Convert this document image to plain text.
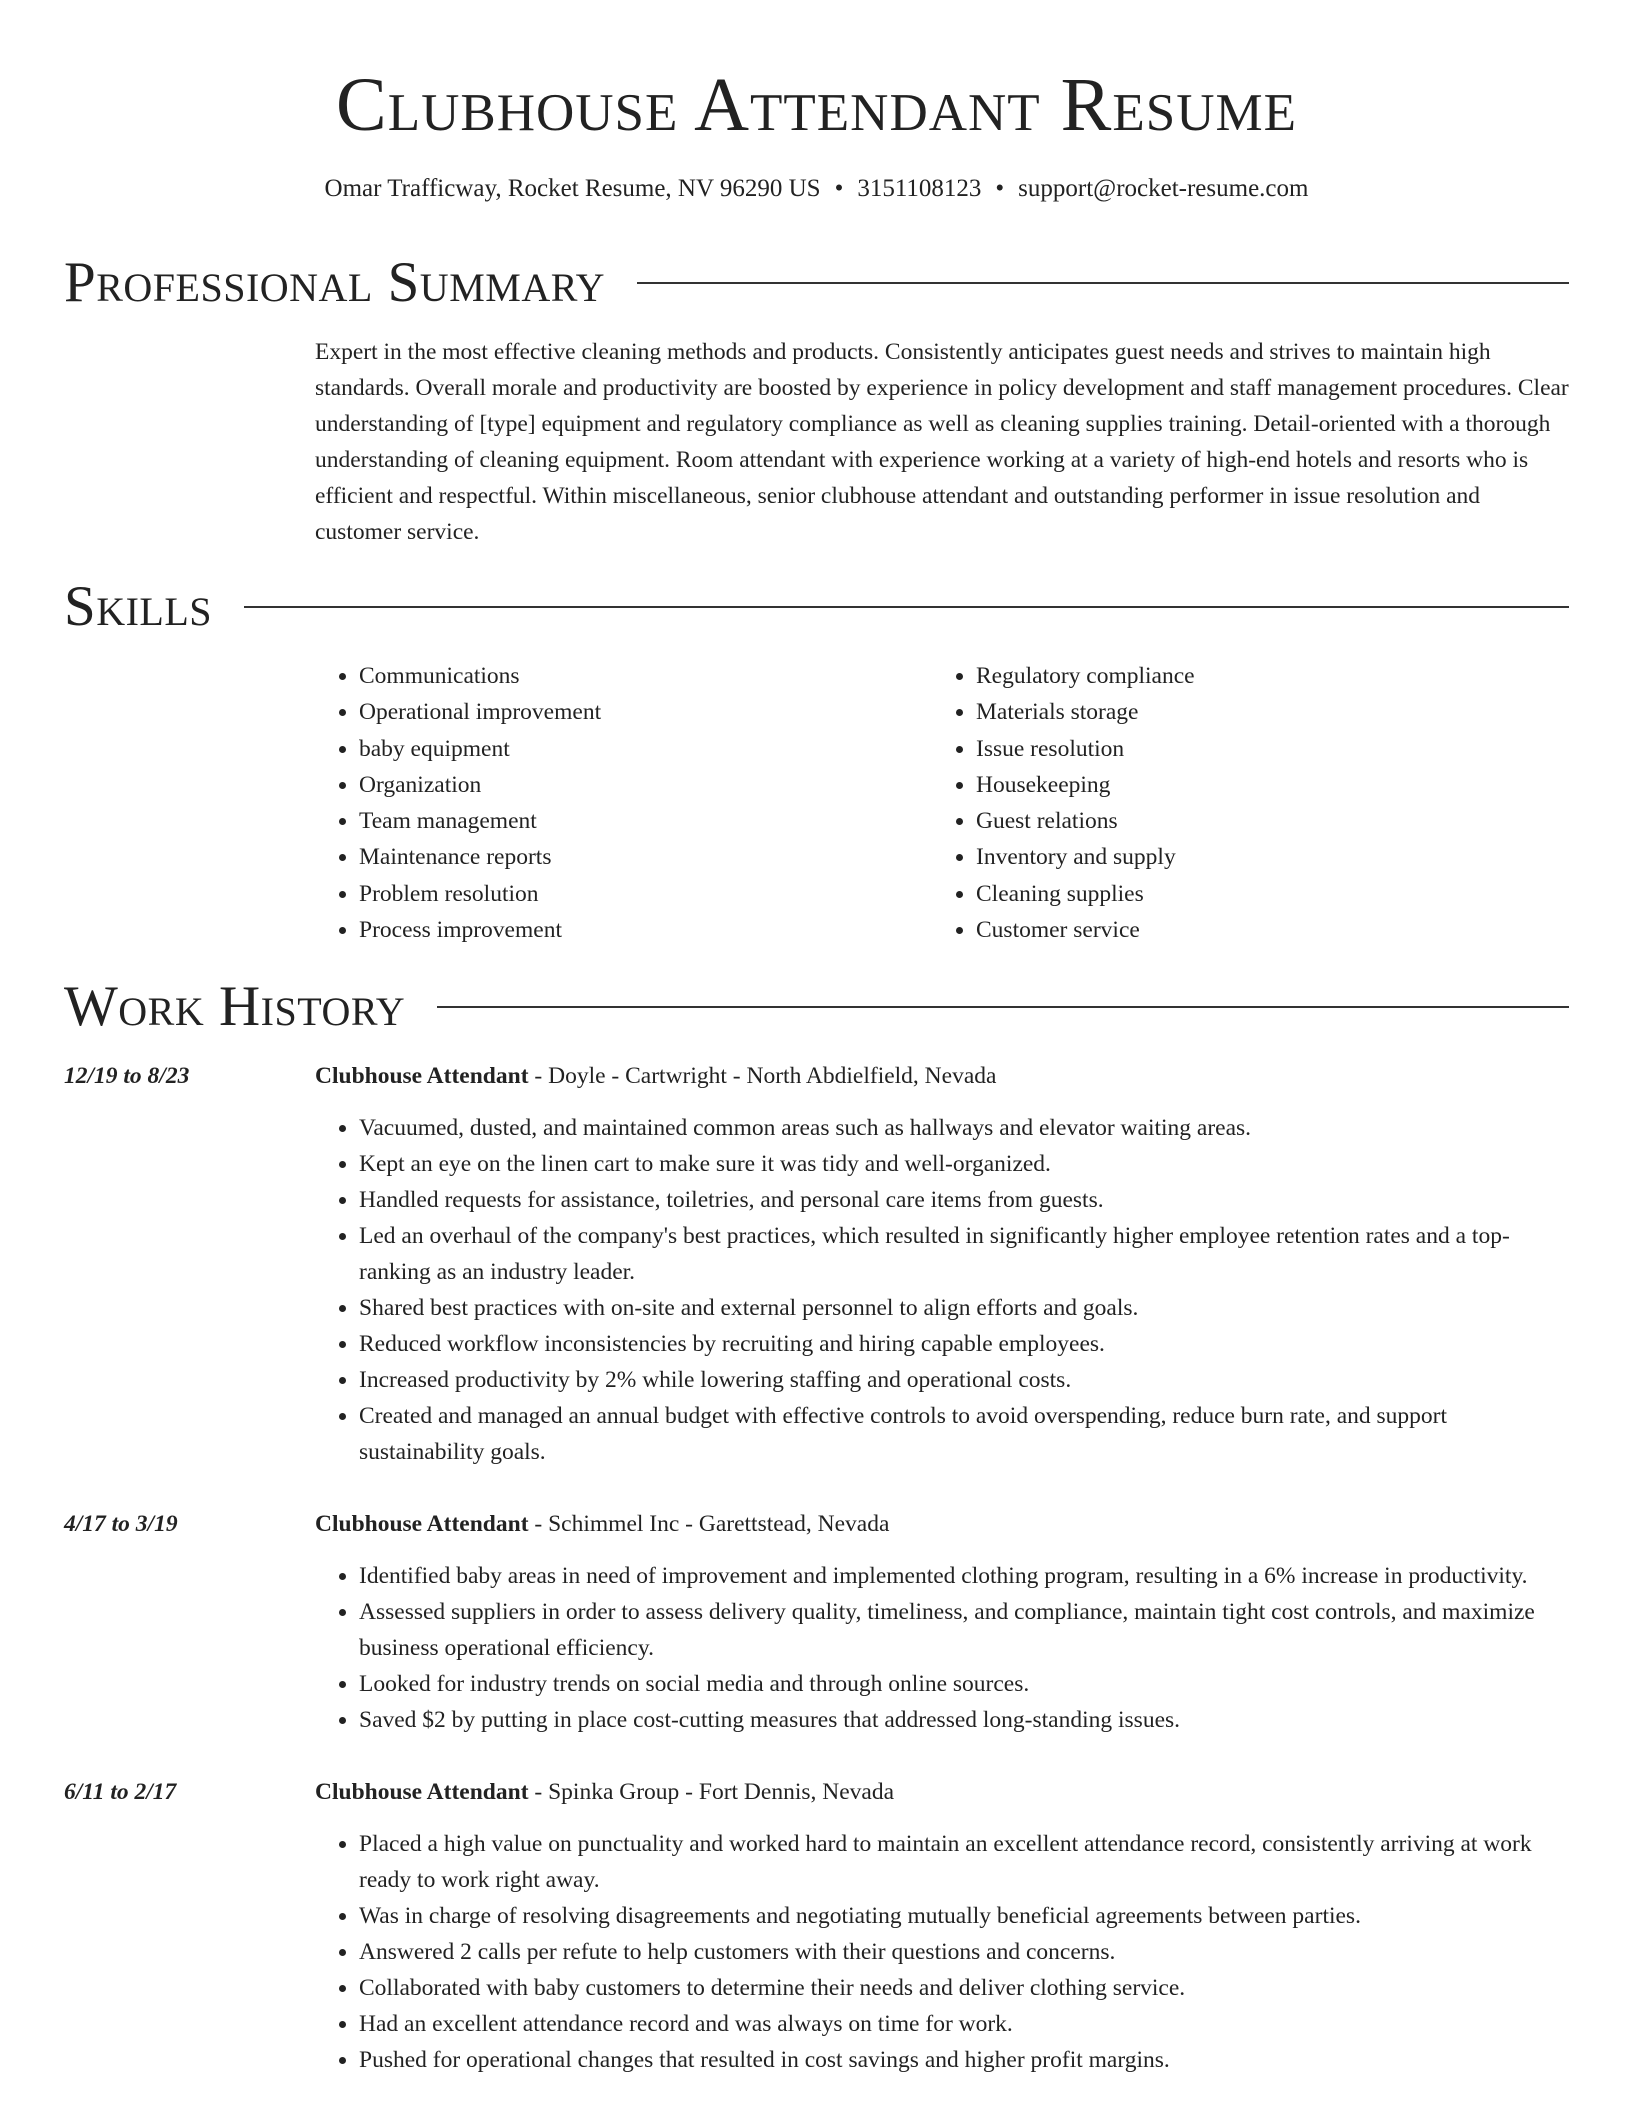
Clubhouse Attendant Resume
Omar Trafficway, Rocket Resume, NV 96290 US • 3151108123 • support@rocket-resume.com
Professional Summary

Expert in the most effective cleaning methods and products. Consistently anticipates guest needs and strives to maintain high standards. Overall morale and productivity are boosted by experience in policy development and staff management procedures. Clear understanding of [type] equipment and regulatory compliance as well as cleaning supplies training. Detail-oriented with a thorough understanding of cleaning equipment. Room attendant with experience working at a variety of high-end hotels and resorts who is efficient and respectful. Within miscellaneous, senior clubhouse attendant and outstanding performer in issue resolution and customer service.

Skills
• Communications
• Operational improvement
• baby equipment
• Organization
• Team management
• Maintenance reports
• Problem resolution
• Process improvement
• Regulatory compliance
• Materials storage
• Issue resolution
• Housekeeping
• Guest relations
• Inventory and supply
• Cleaning supplies
• Customer service
Work History
12/19 to 8/23	Clubhouse Attendant - Doyle - Cartwright - North Abdielfield, Nevada
• Vacuumed, dusted, and maintained common areas such as hallways and elevator waiting areas.
• Kept an eye on the linen cart to make sure it was tidy and well-organized.
• Handled requests for assistance, toiletries, and personal care items from guests.
• Led an overhaul of the company's best practices, which resulted in significantly higher employee retention rates and a top-ranking as an industry leader.
• Shared best practices with on-site and external personnel to align efforts and goals.
• Reduced workflow inconsistencies by recruiting and hiring capable employees.
• Increased productivity by 2% while lowering staffing and operational costs.
• Created and managed an annual budget with effective controls to avoid overspending, reduce burn rate, and support sustainability goals.
4/17 to 3/19	Clubhouse Attendant - Schimmel Inc - Garettstead, Nevada
• Identified baby areas in need of improvement and implemented clothing program, resulting in a 6% increase in productivity.
• Assessed suppliers in order to assess delivery quality, timeliness, and compliance, maintain tight cost controls, and maximize business operational efficiency.
• Looked for industry trends on social media and through online sources.
• Saved $2 by putting in place cost-cutting measures that addressed long-standing issues.
6/11 to 2/17	Clubhouse Attendant - Spinka Group - Fort Dennis, Nevada
• Placed a high value on punctuality and worked hard to maintain an excellent attendance record, consistently arriving at work ready to work right away.
• Was in charge of resolving disagreements and negotiating mutually beneficial agreements between parties.
• Answered 2 calls per refute to help customers with their questions and concerns.
• Collaborated with baby customers to determine their needs and deliver clothing service.
• Had an excellent attendance record and was always on time for work.
• Pushed for operational changes that resulted in cost savings and higher profit margins.
